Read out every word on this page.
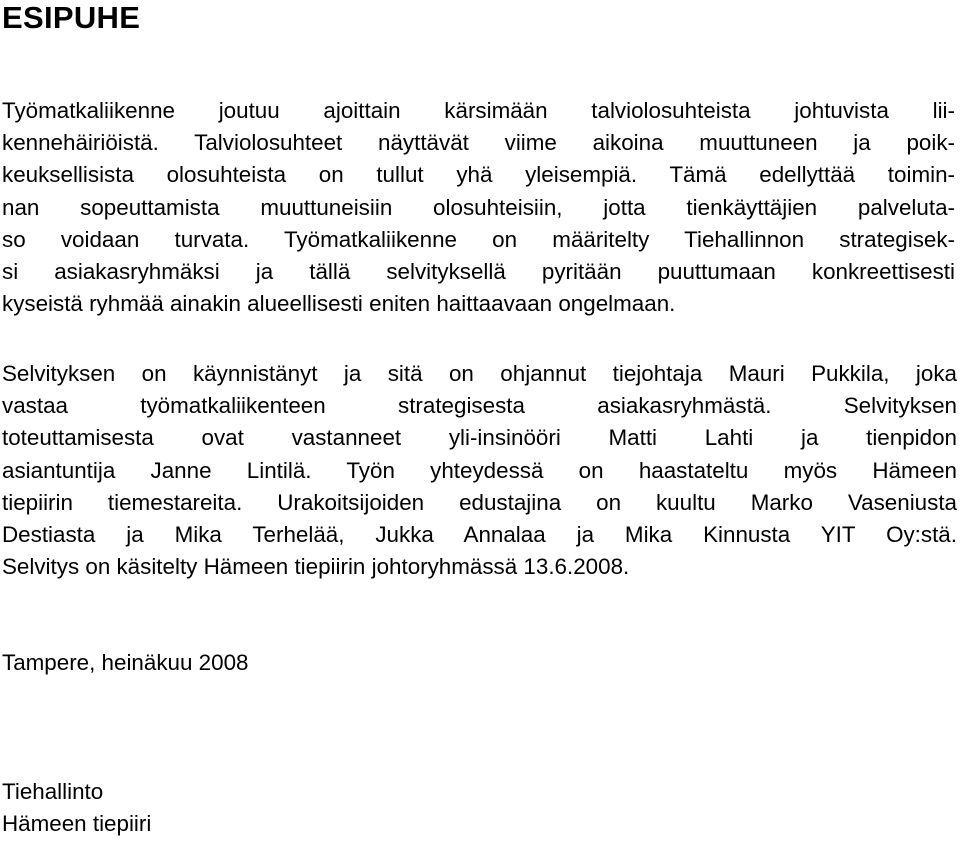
ESIPUHE

Työmatkaliikenne joutuu ajoittain kärsimään talviolosuhteista johtuvista lii-
kennehäiriöistä. Talviolosuhteet näyttävät viime aikoina muuttuneen ja poik-
keuksellisista olosuhteista on tullut yhä yleisempiä. Tämä edellyttää toimin-
nan sopeuttamista muuttuneisiin olosuhteisiin, jotta tienkäyttäjien palveluta-
so voidaan turvata. Työmatkaliikenne on määritelty Tiehallinnon strategisek-
si asiakasryhmäksi ja tällä selvityksellä pyritään puuttumaan konkreettisesti
kyseistä ryhmää ainakin alueellisesti eniten haittaavaan ongelmaan.

Selvityksen on käynnistänyt ja sitä on ohjannut tiejohtaja Mauri Pukkila, joka
vastaa työmatkaliikenteen strategisesta asiakasryhmästä. Selvityksen
toteuttamisesta ovat vastanneet yli-insinööri Matti Lahti ja tienpidon
asiantuntija Janne Lintilä. Työn yhteydessä on haastateltu myös Hämeen
tiepiirin tiemestareita. Urakoitsijoiden edustajina on kuultu Marko Vaseniusta
Destiasta ja Mika Terhelää, Jukka Annalaa ja Mika Kinnusta YIT Oy:stä.
Selvitys on käsitelty Hämeen tiepiirin johtoryhmässä 13.6.2008.

Tampere, heinäkuu 2008

Tiehallinto

Hämeen tiepiiri
